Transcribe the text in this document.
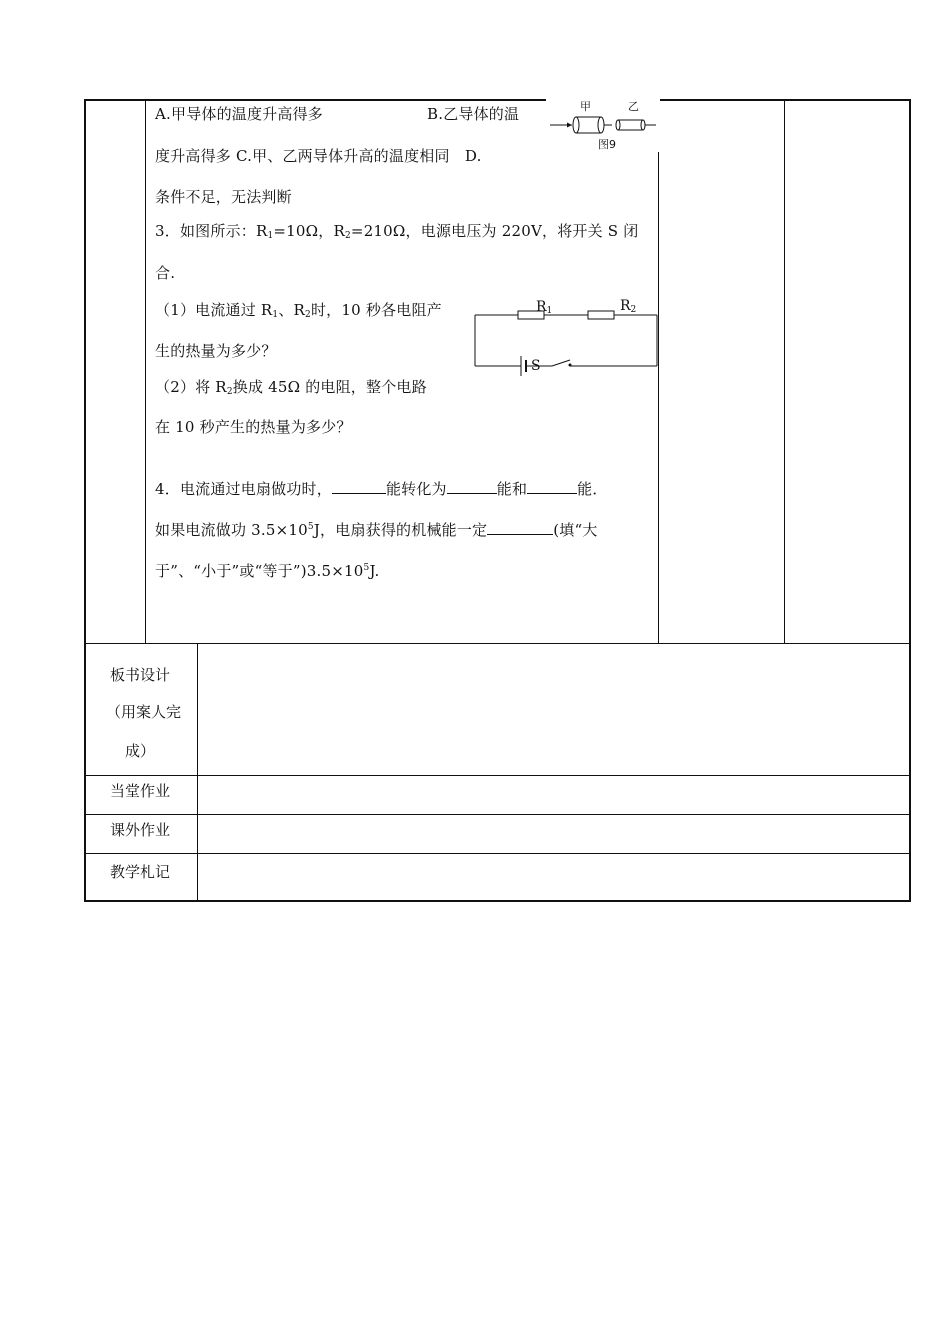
甲	乙
图9
A.甲导体的温度升高得多	B.乙导体的温
度升高得多 C.甲、乙两导体升高的温度相同　D.
条件不足，无法判断
3．如图所示：$R_1=10\Omega$，$R_2=210\Omega$，电源电压为 220V，将开关 S 闭
合.
（1）电流通过 $R_1$、$R_2$时，10 秒各电阻产
生的热量为多少？
（2）将 $R_2$换成 45Ω 的电阻，整个电路
在 10 秒产生的热量为多少？
$R_1$	$R_2$
S
4．电流通过电扇做功时，	能转化为	能和	能．
如果电流做功 $3.5\times 10^5J$，电扇获得的机械能一定	(填“大
于”、“小于”或“等于$”)3.5\times 10^5J$.
板书设计
（用案人完
成）
当堂作业
课外作业
教学札记
